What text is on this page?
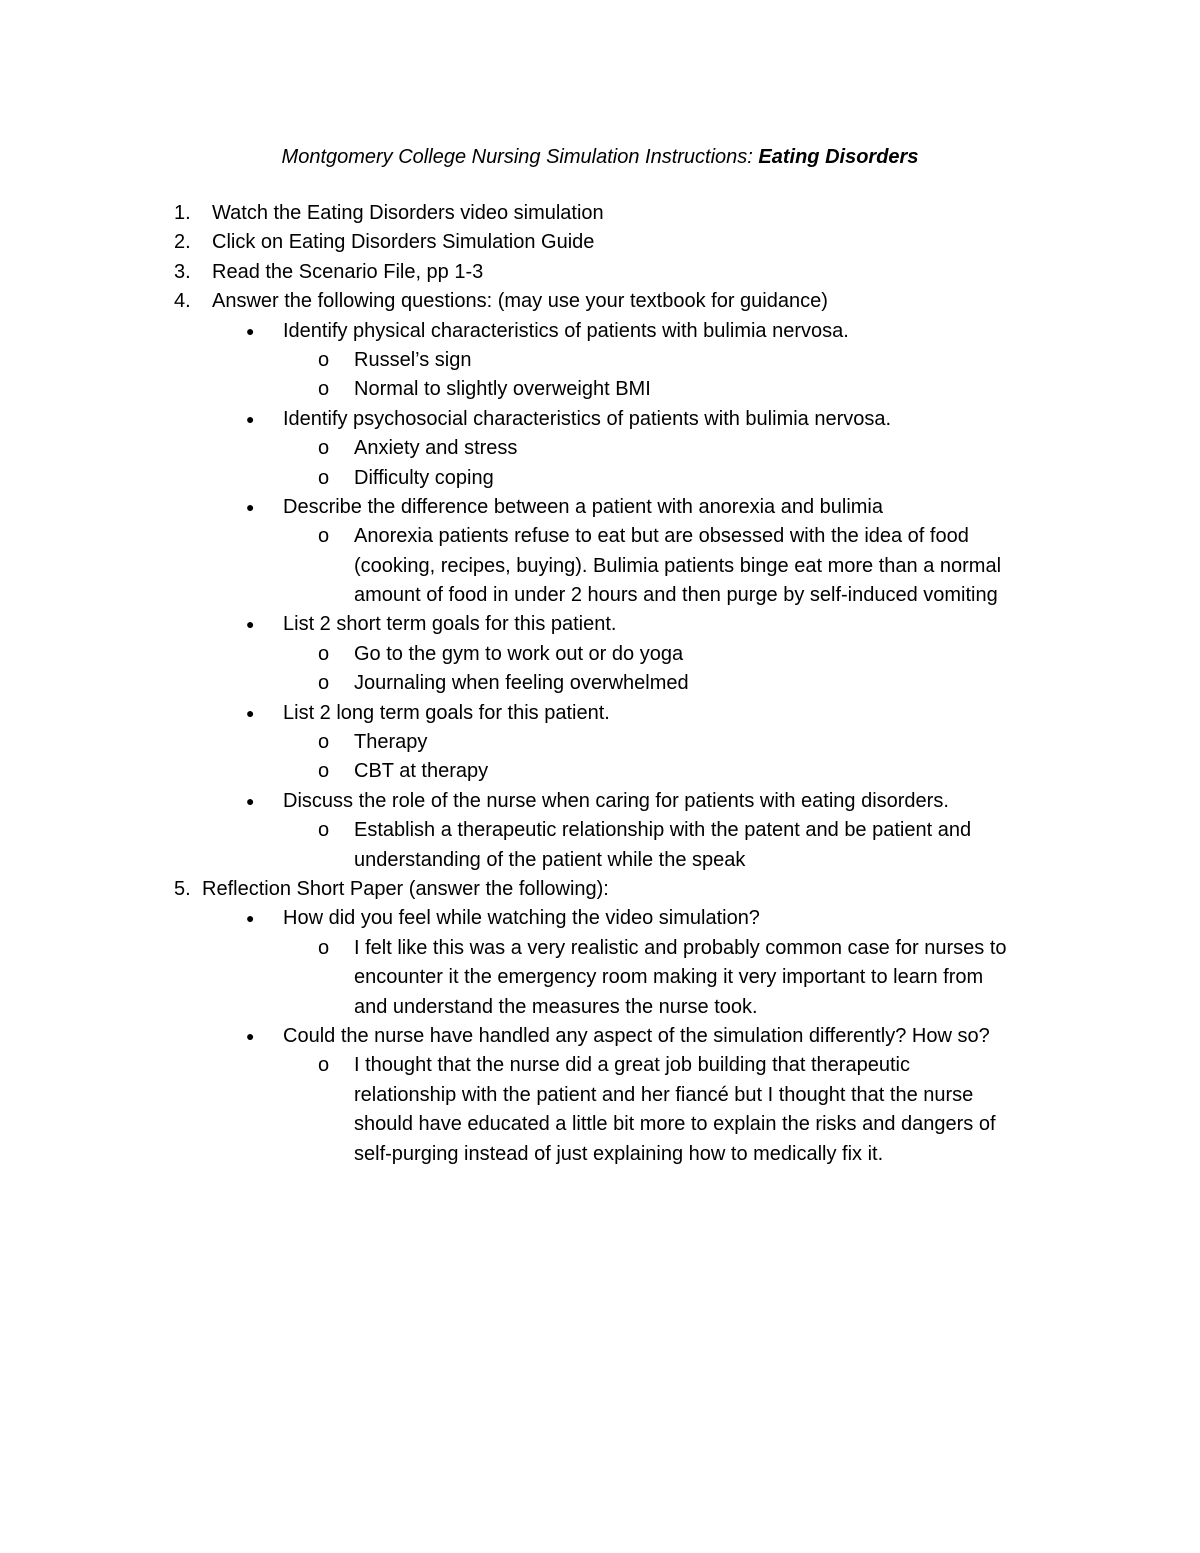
Montgomery College Nursing Simulation Instructions: Eating Disorders
1. Watch the Eating Disorders video simulation
2. Click on Eating Disorders Simulation Guide
3. Read the Scenario File, pp 1-3
4. Answer the following questions: (may use your textbook for guidance)
● Identify physical characteristics of patients with bulimia nervosa.
o Russel’s sign
o Normal to slightly overweight BMI
● Identify psychosocial characteristics of patients with bulimia nervosa.
o Anxiety and stress
o Difficulty coping
● Describe the difference between a patient with anorexia and bulimia
o Anorexia patients refuse to eat but are obsessed with the idea of food
(cooking, recipes, buying). Bulimia patients binge eat more than a normal
amount of food in under 2 hours and then purge by self-induced vomiting
● List 2 short term goals for this patient.
o Go to the gym to work out or do yoga
o Journaling when feeling overwhelmed
● List 2 long term goals for this patient.
o Therapy
o CBT at therapy
● Discuss the role of the nurse when caring for patients with eating disorders.
o Establish a therapeutic relationship with the patent and be patient and
understanding of the patient while the speak
5. Reflection Short Paper (answer the following):
● How did you feel while watching the video simulation?
o I felt like this was a very realistic and probably common case for nurses to
encounter it the emergency room making it very important to learn from
and understand the measures the nurse took.
● Could the nurse have handled any aspect of the simulation differently? How so?
o I thought that the nurse did a great job building that therapeutic
relationship with the patient and her fiancé but I thought that the nurse
should have educated a little bit more to explain the risks and dangers of
self-purging instead of just explaining how to medically fix it.
